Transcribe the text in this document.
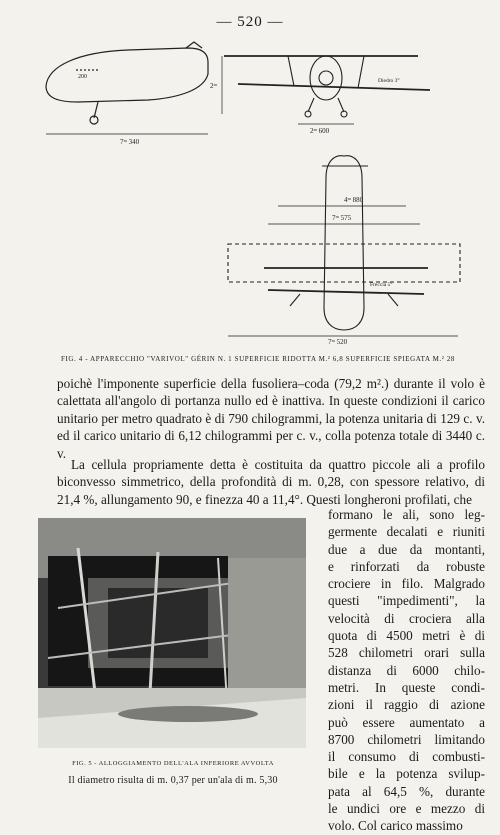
— 520 —
200
7ᵐ 340
2ᵐ 600
2ᵐ
Diedro 3°
4ᵐ 880
7ᵐ 575
7ᵐ 520
Freccia 5°
FIG. 4 - APPARECCHIO "VARIVOL" GÉRIN N. 1 SUPERFICIE RIDOTTA M.² 6,8 SUPERFICIE SPIEGATA M.² 28

poichè l'imponente superficie della fusoliera–coda (79,2 m².) durante il volo è calettata all'angolo di portanza nullo ed è inattiva. In queste condizioni il carico unitario per metro quadrato è di 790 chilogrammi, la potenza unitaria di 129 c. v. ed il carico unitario di 6,12 chilogrammi per c. v., colla potenza totale di 3440 c. v.

La cellula propriamente detta è costituita da quattro piccole ali a profilo biconvesso simmetrico, della profondità di m. 0,28, con spessore relativo, di 21,4 %, allungamento 90, e finezza 40 a 11,4°. Questi longheroni profilati, che

FIG. 5 - ALLOGGIAMENTO DELL'ALA INFERIORE AVVOLTA
Il diametro risulta di m. 0,37 per un'ala di m. 5,30
formano le ali, sono leg-
germente decalati e riuniti
due a due da montanti,
e rinforzati da robuste
crociere in filo. Malgrado
questi "impedimenti", la
velocità di crociera alla
quota di 4500 metri è di
528 chilometri orari sulla
distanza di 6000 chilo-
metri. In queste condi-
zioni il raggio di azione
può essere aumentato a
8700 chilometri limitando
il consumo di combusti-
bile e la potenza svilup-
pata al 64,5 %, durante
le undici ore e mezzo di
volo. Col carico massimo
